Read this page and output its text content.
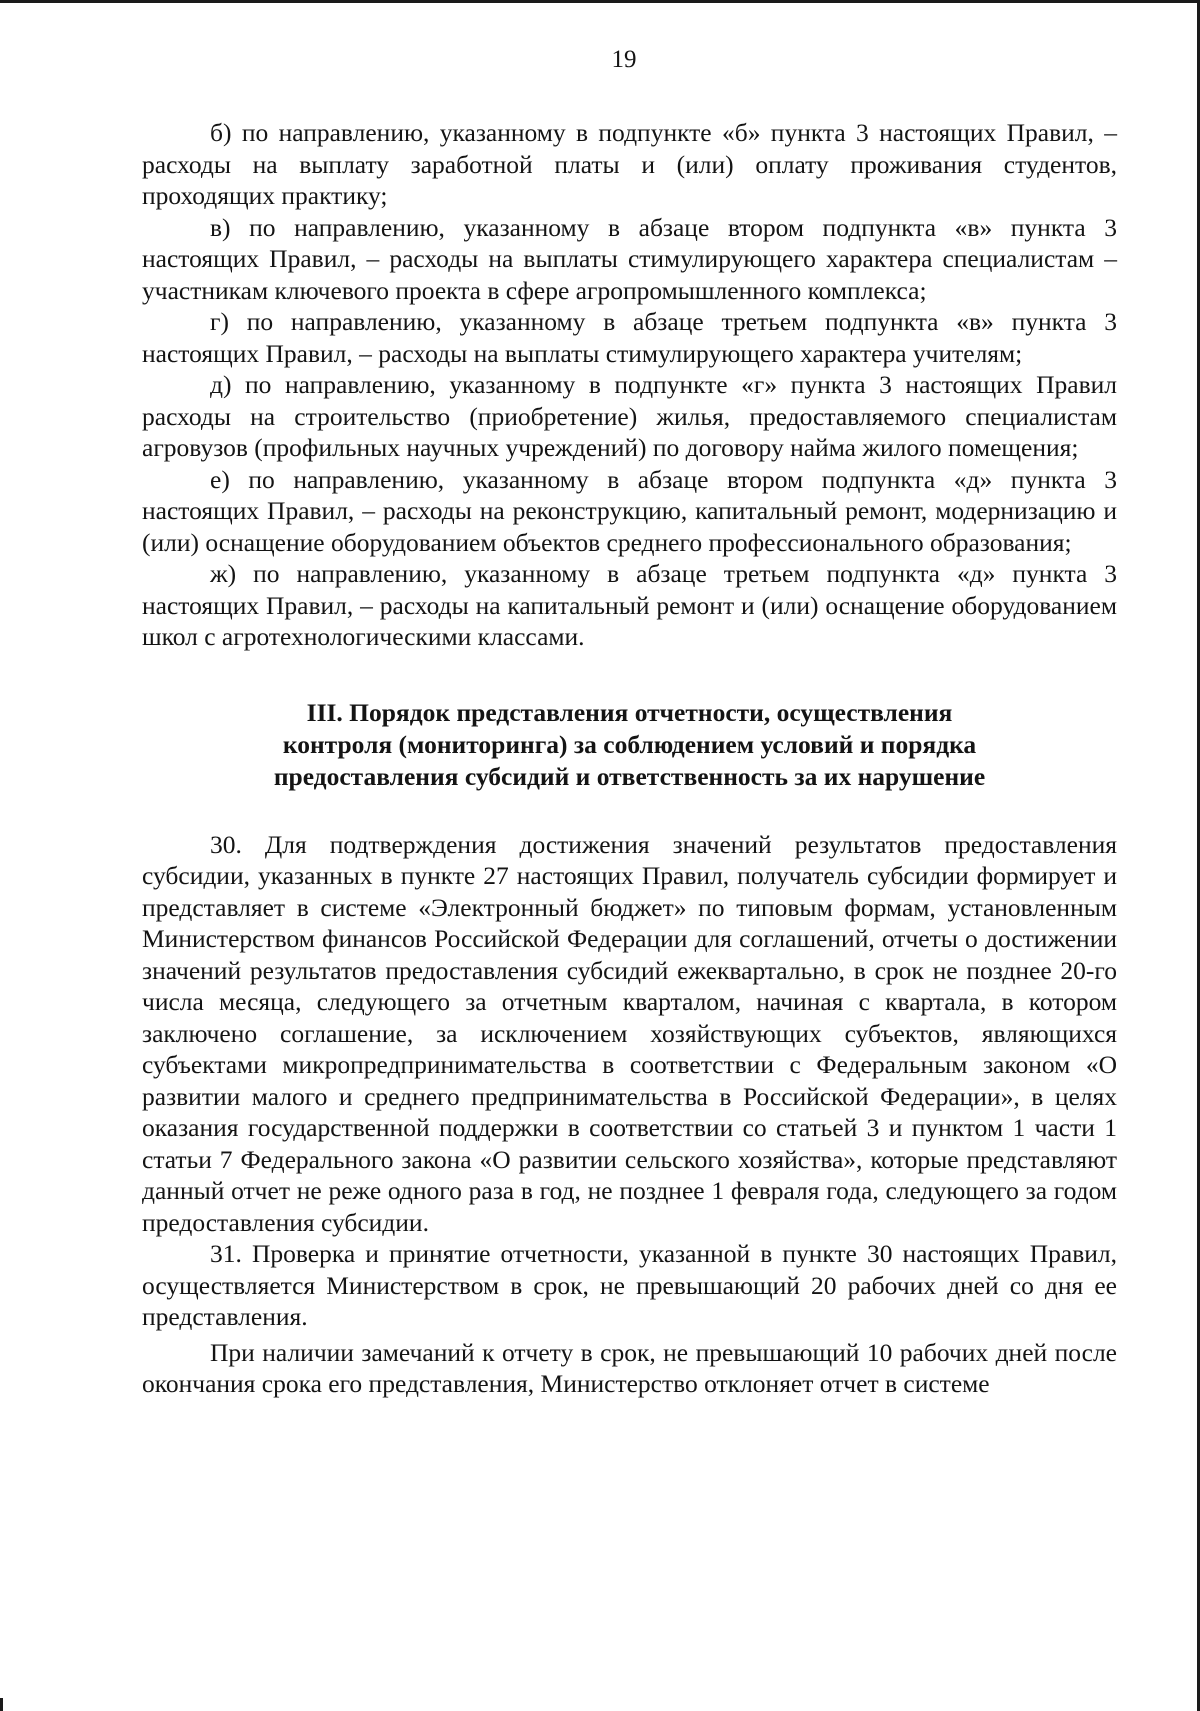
19

б) по направлению, указанному в подпункте «б» пункта 3 настоящих Правил, – расходы на выплату заработной платы и (или) оплату проживания студентов, проходящих практику;

в) по направлению, указанному в абзаце втором подпункта «в» пункта 3 настоящих Правил, – расходы на выплаты стимулирующего характера специалистам – участникам ключевого проекта в сфере агропромышленного комплекса;

г) по направлению, указанному в абзаце третьем подпункта «в» пункта 3 настоящих Правил, – расходы на выплаты стимулирующего характера учителям;

д) по направлению, указанному в подпункте «г» пункта 3 настоящих Правил расходы на строительство (приобретение) жилья, предоставляемого специалистам агровузов (профильных научных учреждений) по договору найма жилого помещения;

е) по направлению, указанному в абзаце втором подпункта «д» пункта 3 настоящих Правил, – расходы на реконструкцию, капитальный ремонт, модернизацию и (или) оснащение оборудованием объектов среднего профессионального образования;

ж) по направлению, указанному в абзаце третьем подпункта «д» пункта 3 настоящих Правил, – расходы на капитальный ремонт и (или) оснащение оборудованием школ с агротехнологическими классами.

III. Порядок представления отчетности, осуществления
контроля (мониторинга) за соблюдением условий и порядка
предоставления субсидий и ответственность за их нарушение

30. Для подтверждения достижения значений результатов предоставления субсидии, указанных в пункте 27 настоящих Правил, получатель субсидии формирует и представляет в системе «Электронный бюджет» по типовым формам, установленным Министерством финансов Российской Федерации для соглашений, отчеты о достижении значений результатов предоставления субсидий ежеквартально, в срок не позднее 20-го числа месяца, следующего за отчетным кварталом, начиная с квартала, в котором заключено соглашение, за исключением хозяйствующих субъектов, являющихся субъектами микропредпринимательства в соответствии с Федеральным законом «О развитии малого и среднего предпринимательства в Российской Федерации», в целях оказания государственной поддержки в соответствии со статьей 3 и пунктом 1 части 1 статьи 7 Федерального закона «О развитии сельского хозяйства», которые представляют данный отчет не реже одного раза в год, не позднее 1 февраля года, следующего за годом предоставления субсидии.

31. Проверка и принятие отчетности, указанной в пункте 30 настоящих Правил, осуществляется Министерством в срок, не превышающий 20 рабочих дней со дня ее представления.

При наличии замечаний к отчету в срок, не превышающий 10 рабочих дней после окончания срока его представления, Министерство отклоняет отчет в системе
